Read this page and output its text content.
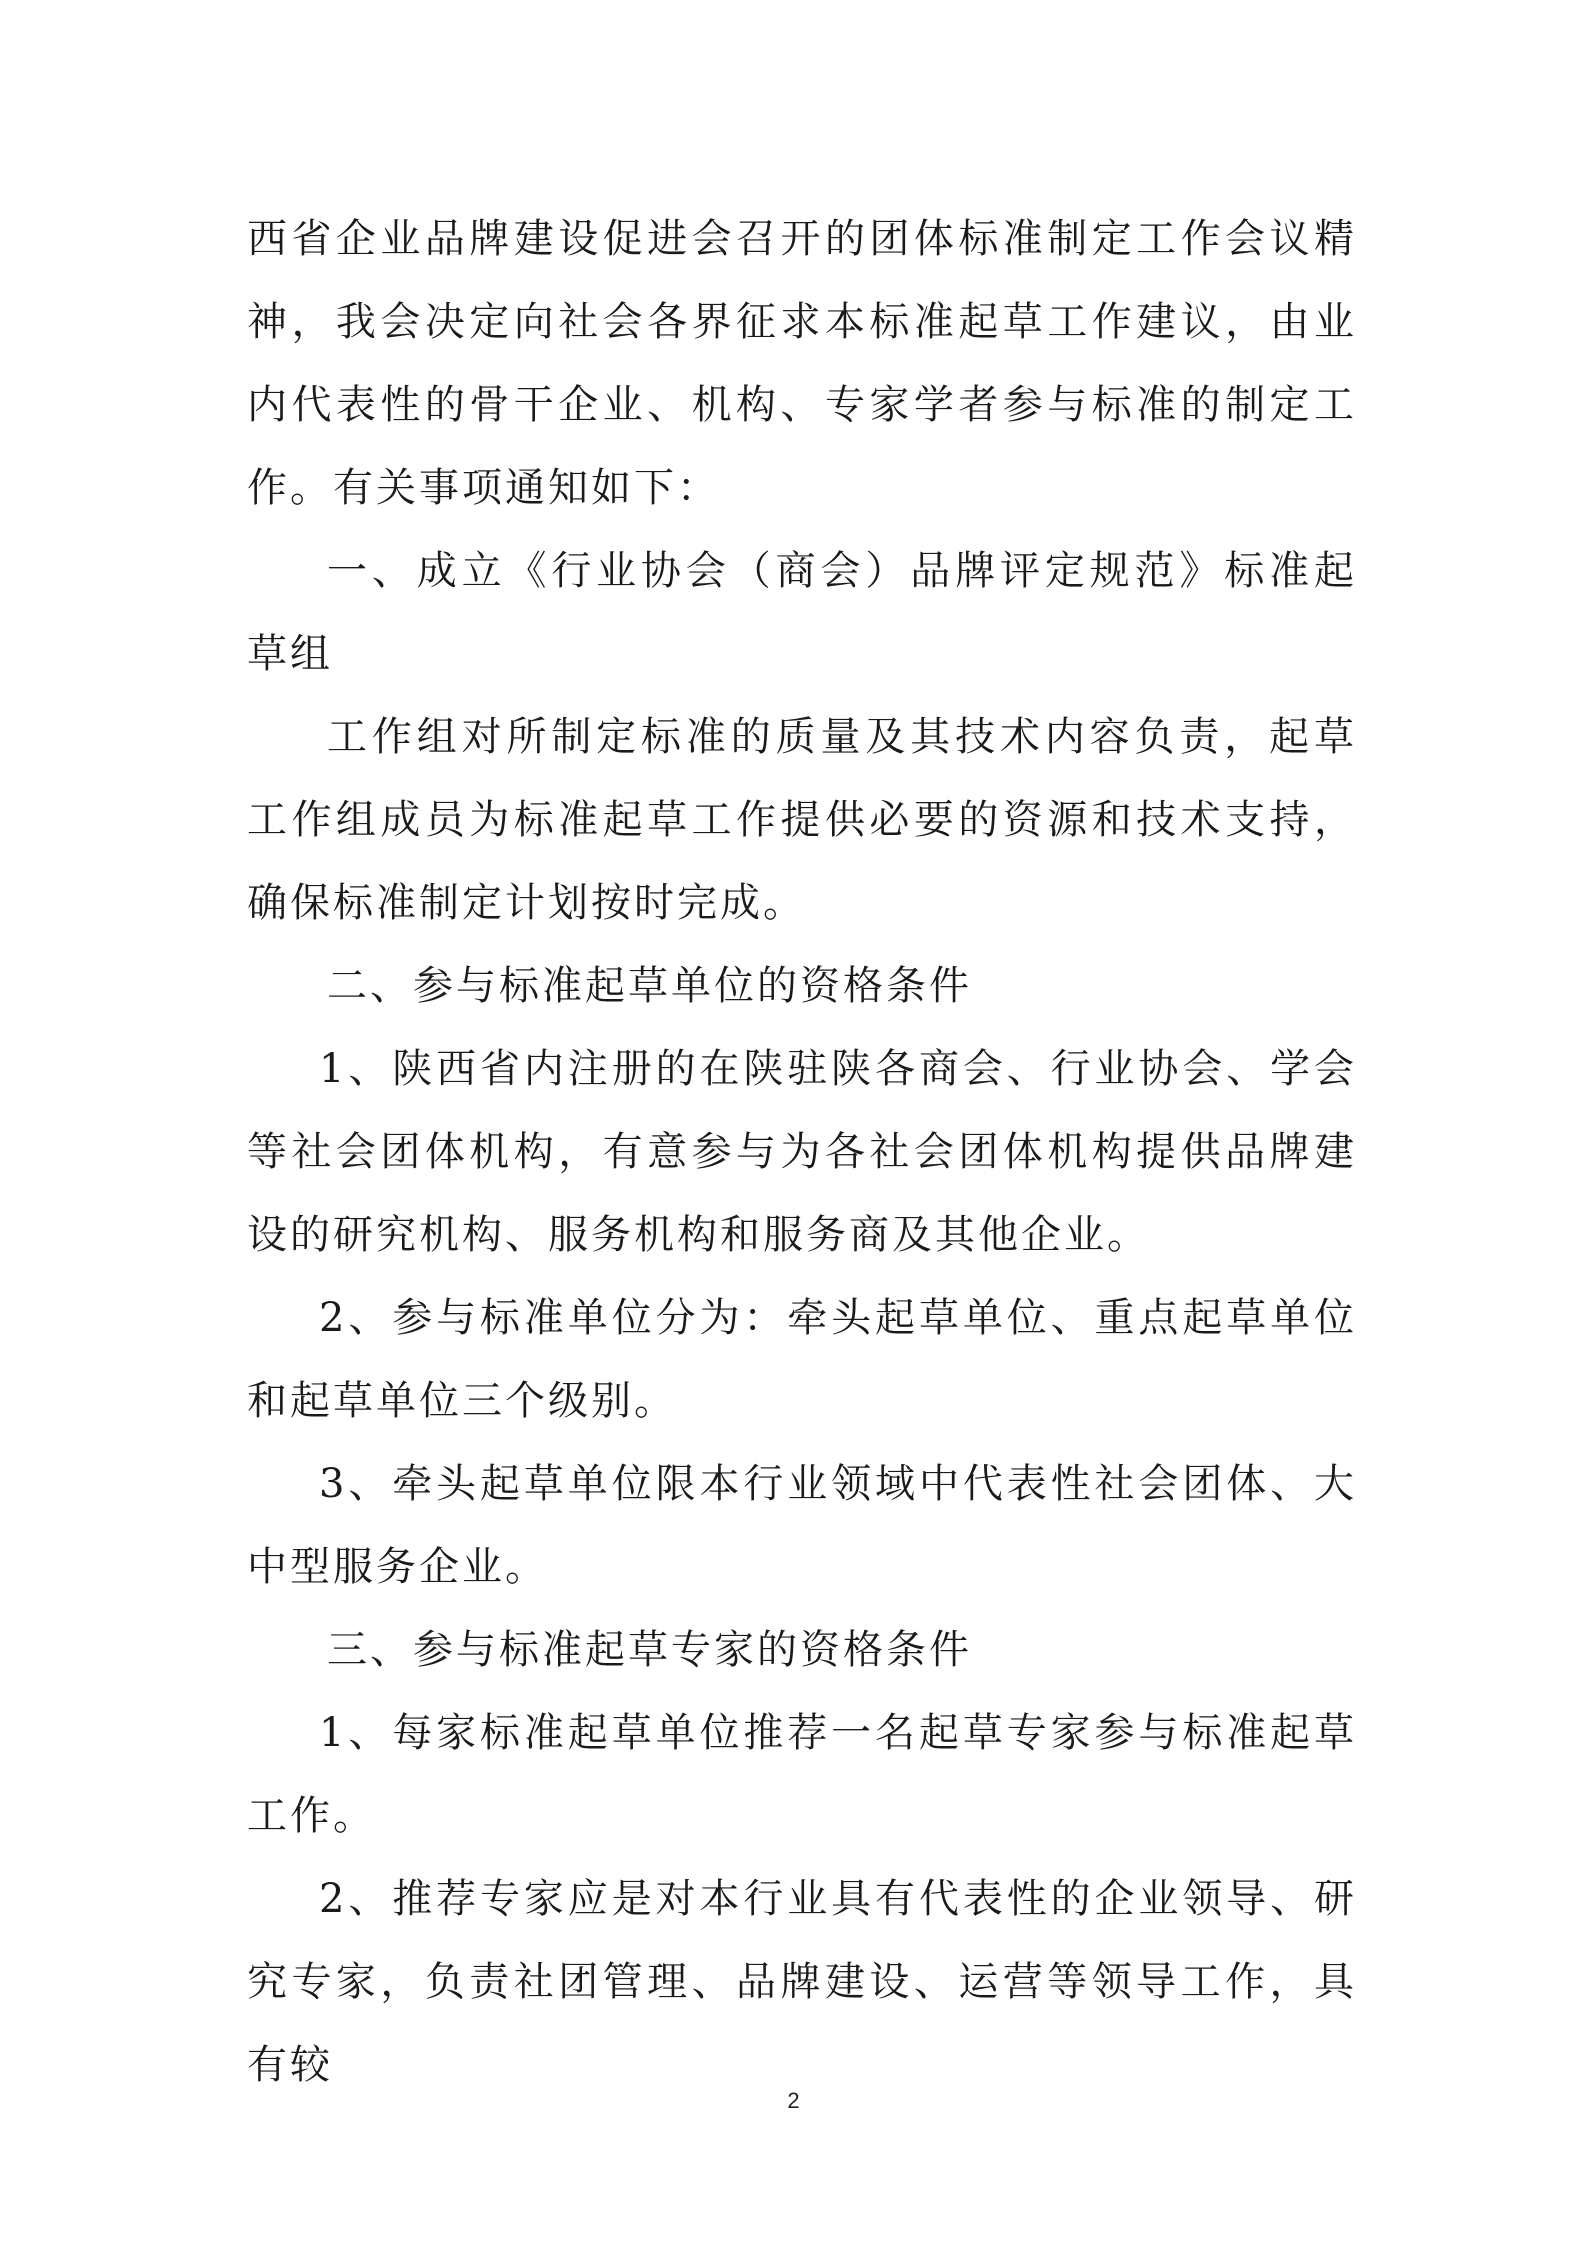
西省企业品牌建设促进会召开的团体标准制定工作会议精神，我会决定向社会各界征求本标准起草工作建议，由业内代表性的骨干企业、机构、专家学者参与标准的制定工作。有关事项通知如下：

一、成立《行业协会（商会）品牌评定规范》标准起草组

工作组对所制定标准的质量及其技术内容负责，起草工作组成员为标准起草工作提供必要的资源和技术支持，确保标准制定计划按时完成。

二、参与标准起草单位的资格条件

1、陕西省内注册的在陕驻陕各商会、行业协会、学会等社会团体机构，有意参与为各社会团体机构提供品牌建设的研究机构、服务机构和服务商及其他企业。

2、参与标准单位分为：牵头起草单位、重点起草单位和起草单位三个级别。

3、牵头起草单位限本行业领域中代表性社会团体、大中型服务企业。

三、参与标准起草专家的资格条件

1、每家标准起草单位推荐一名起草专家参与标准起草工作。

2、推荐专家应是对本行业具有代表性的企业领导、研究专家，负责社团管理、品牌建设、运营等领导工作，具有较

2
